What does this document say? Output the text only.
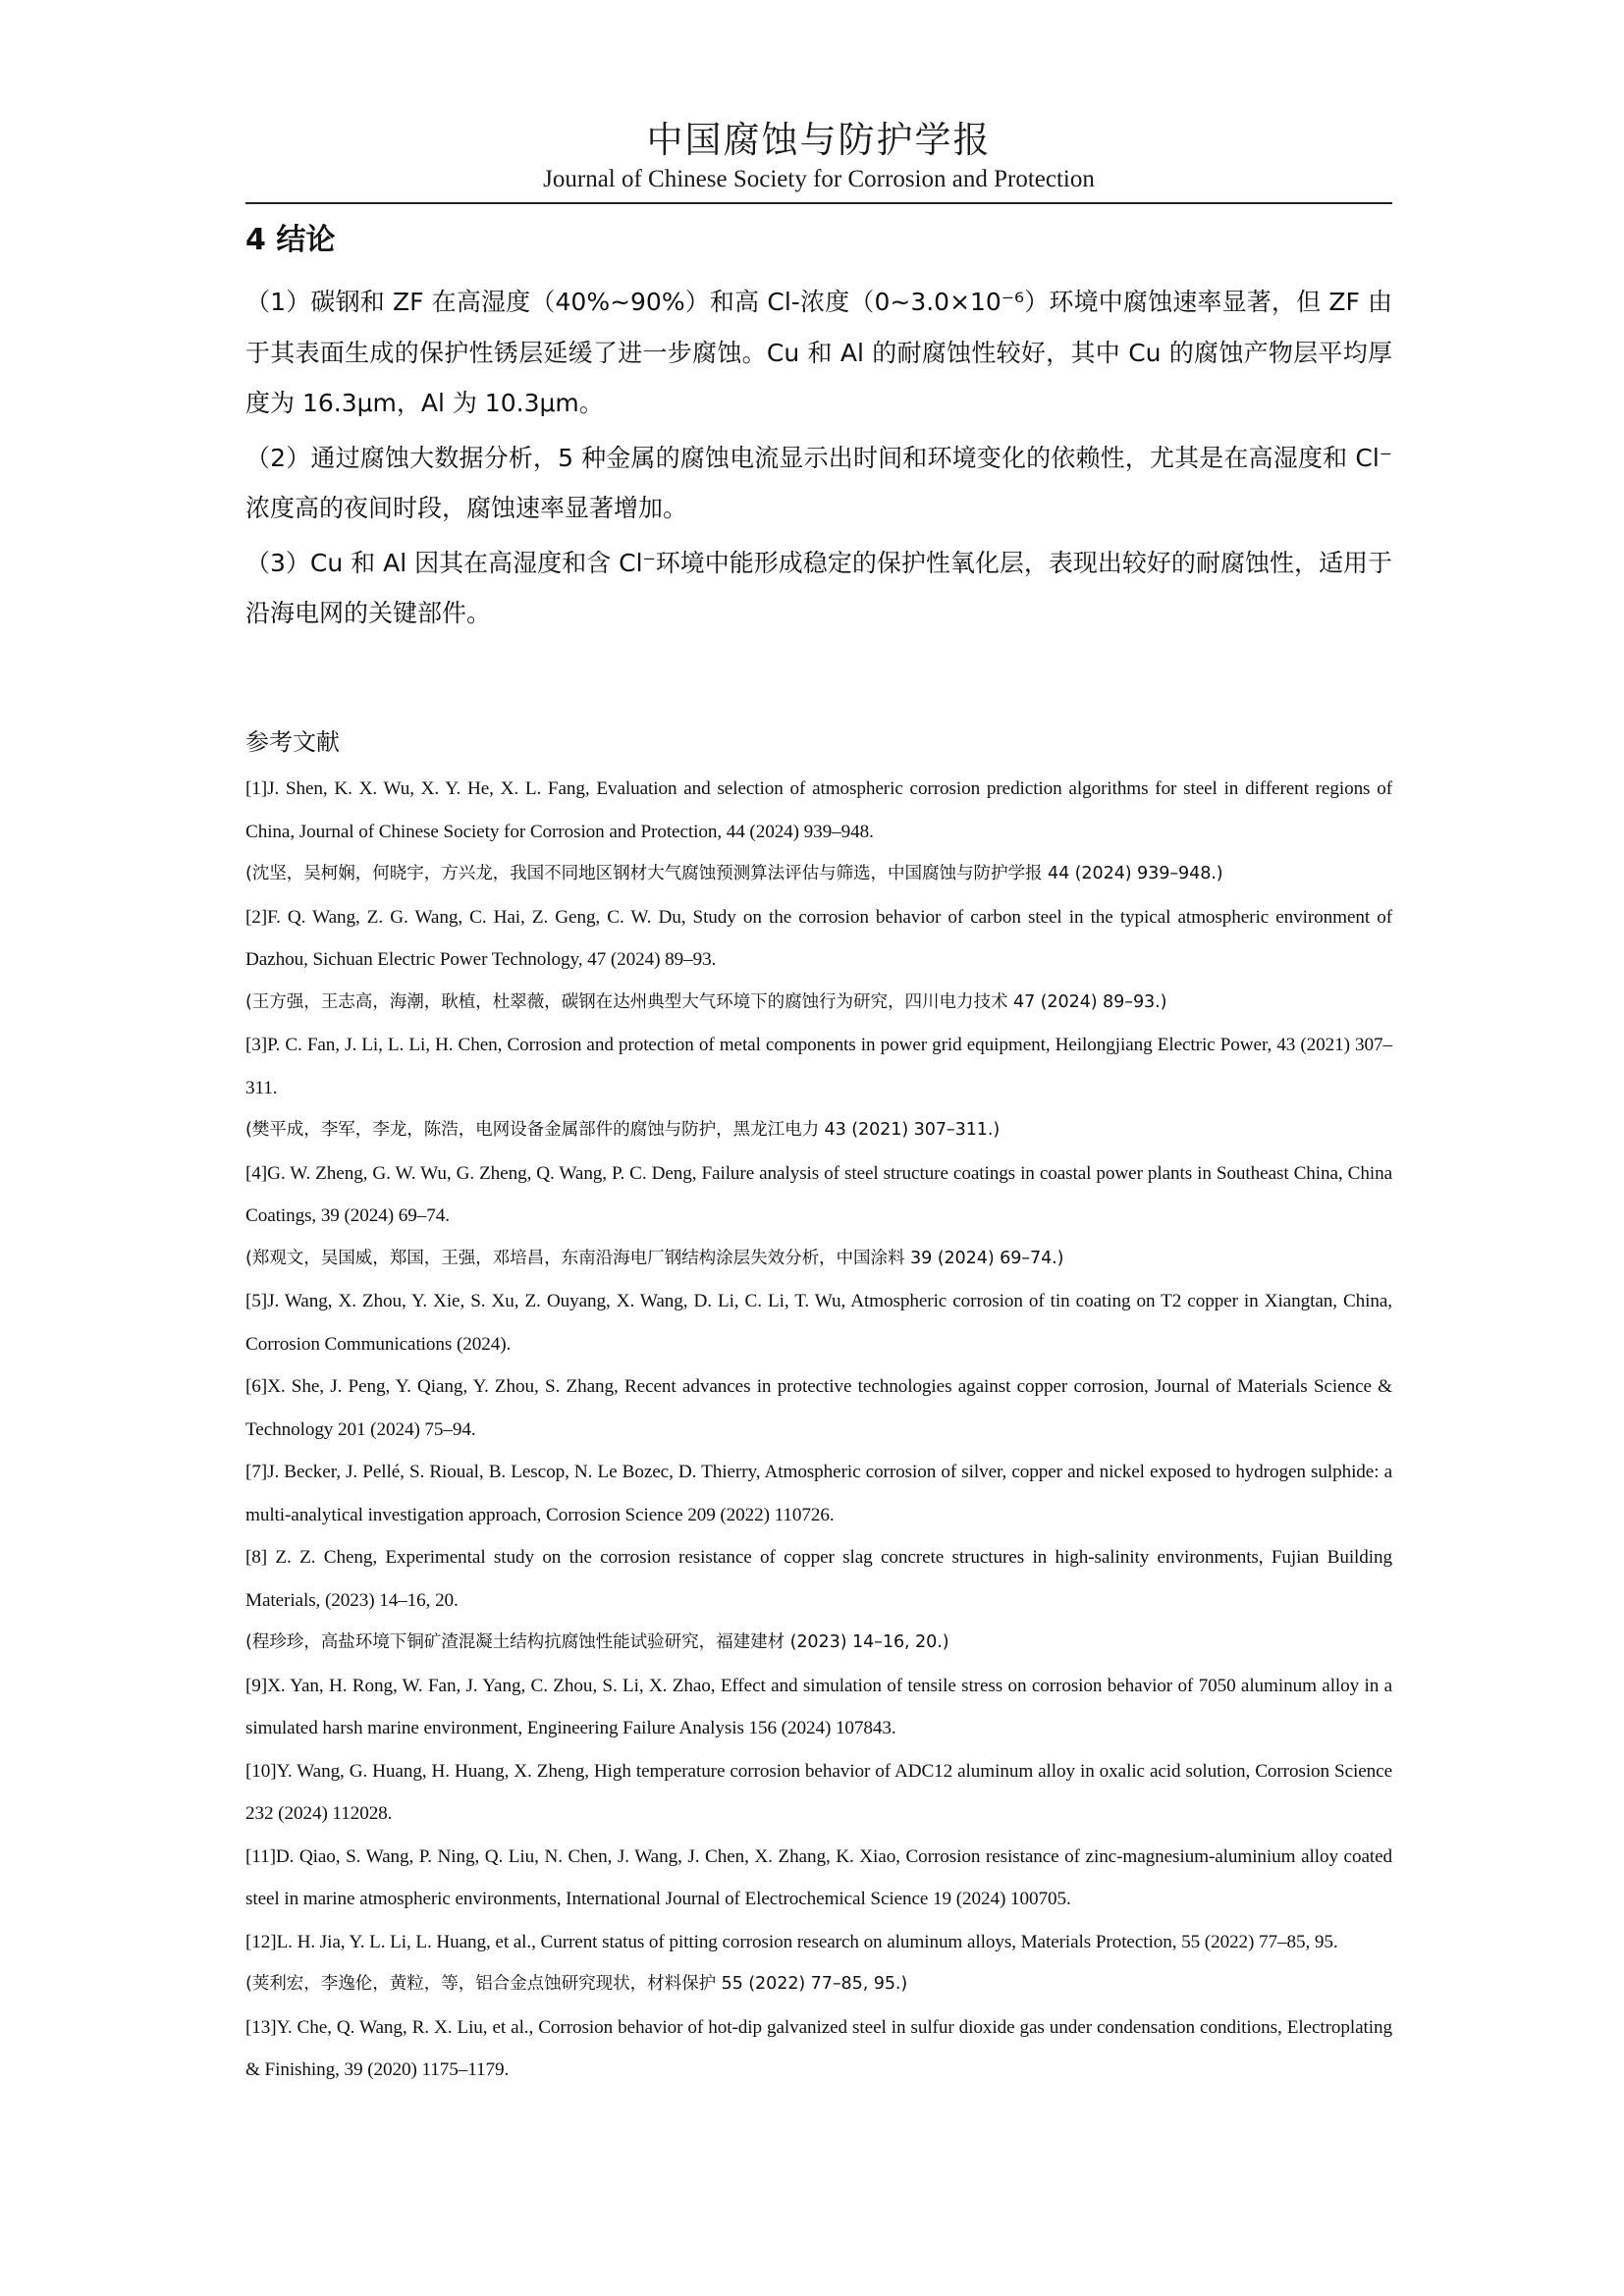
中国腐蚀与防护学报
Journal of Chinese Society for Corrosion and Protection
4 结论

（1）碳钢和 ZF 在高湿度（40%~90%）和高 Cl-浓度（0~3.0×10⁻⁶）环境中腐蚀速率显著，但 ZF 由于其表面生成的保护性锈层延缓了进一步腐蚀。Cu 和 Al 的耐腐蚀性较好，其中 Cu 的腐蚀产物层平均厚度为 16.3μm，Al 为 10.3μm。

（2）通过腐蚀大数据分析，5 种金属的腐蚀电流显示出时间和环境变化的依赖性，尤其是在高湿度和 Cl⁻浓度高的夜间时段，腐蚀速率显著增加。

（3）Cu 和 Al 因其在高湿度和含 Cl⁻环境中能形成稳定的保护性氧化层，表现出较好的耐腐蚀性，适用于沿海电网的关键部件。

参考文献
[1]J. Shen, K. X. Wu, X. Y. He, X. L. Fang, Evaluation and selection of atmospheric corrosion prediction algorithms for steel in different regions of China, Journal of Chinese Society for Corrosion and Protection, 44 (2024) 939–948.
(沈坚，吴柯娴，何晓宇，方兴龙，我国不同地区钢材大气腐蚀预测算法评估与筛选，中国腐蚀与防护学报 44 (2024) 939–948.)
[2]F. Q. Wang, Z. G. Wang, C. Hai, Z. Geng, C. W. Du, Study on the corrosion behavior of carbon steel in the typical atmospheric environment of Dazhou, Sichuan Electric Power Technology, 47 (2024) 89–93.
(王方强，王志高，海潮，耿植，杜翠薇，碳钢在达州典型大气环境下的腐蚀行为研究，四川电力技术 47 (2024) 89–93.)
[3]P. C. Fan, J. Li, L. Li, H. Chen, Corrosion and protection of metal components in power grid equipment, Heilongjiang Electric Power, 43 (2021) 307–311.
(樊平成，李军，李龙，陈浩，电网设备金属部件的腐蚀与防护，黑龙江电力 43 (2021) 307–311.)
[4]G. W. Zheng, G. W. Wu, G. Zheng, Q. Wang, P. C. Deng, Failure analysis of steel structure coatings in coastal power plants in Southeast China, China Coatings, 39 (2024) 69–74.
(郑观文，吴国威，郑国，王强，邓培昌，东南沿海电厂钢结构涂层失效分析，中国涂料 39 (2024) 69–74.)
[5]J. Wang, X. Zhou, Y. Xie, S. Xu, Z. Ouyang, X. Wang, D. Li, C. Li, T. Wu, Atmospheric corrosion of tin coating on T2 copper in Xiangtan, China, Corrosion Communications (2024).
[6]X. She, J. Peng, Y. Qiang, Y. Zhou, S. Zhang, Recent advances in protective technologies against copper corrosion, Journal of Materials Science & Technology 201 (2024) 75–94.
[7]J. Becker, J. Pellé, S. Rioual, B. Lescop, N. Le Bozec, D. Thierry, Atmospheric corrosion of silver, copper and nickel exposed to hydrogen sulphide: a multi-analytical investigation approach, Corrosion Science 209 (2022) 110726.
[8] Z. Z. Cheng, Experimental study on the corrosion resistance of copper slag concrete structures in high-salinity environments, Fujian Building Materials, (2023) 14–16, 20.
(程珍珍，高盐环境下铜矿渣混凝土结构抗腐蚀性能试验研究，福建建材 (2023) 14–16, 20.)
[9]X. Yan, H. Rong, W. Fan, J. Yang, C. Zhou, S. Li, X. Zhao, Effect and simulation of tensile stress on corrosion behavior of 7050 aluminum alloy in a simulated harsh marine environment, Engineering Failure Analysis 156 (2024) 107843.
[10]Y. Wang, G. Huang, H. Huang, X. Zheng, High temperature corrosion behavior of ADC12 aluminum alloy in oxalic acid solution, Corrosion Science 232 (2024) 112028.
[11]D. Qiao, S. Wang, P. Ning, Q. Liu, N. Chen, J. Wang, J. Chen, X. Zhang, K. Xiao, Corrosion resistance of zinc-magnesium-aluminium alloy coated steel in marine atmospheric environments, International Journal of Electrochemical Science 19 (2024) 100705.
[12]L. H. Jia, Y. L. Li, L. Huang, et al., Current status of pitting corrosion research on aluminum alloys, Materials Protection, 55 (2022) 77–85, 95.
(荚利宏，李逸伦，黄粒，等，铝合金点蚀研究现状，材料保护 55 (2022) 77–85, 95.)
[13]Y. Che, Q. Wang, R. X. Liu, et al., Corrosion behavior of hot-dip galvanized steel in sulfur dioxide gas under condensation conditions, Electroplating & Finishing, 39 (2020) 1175–1179.
